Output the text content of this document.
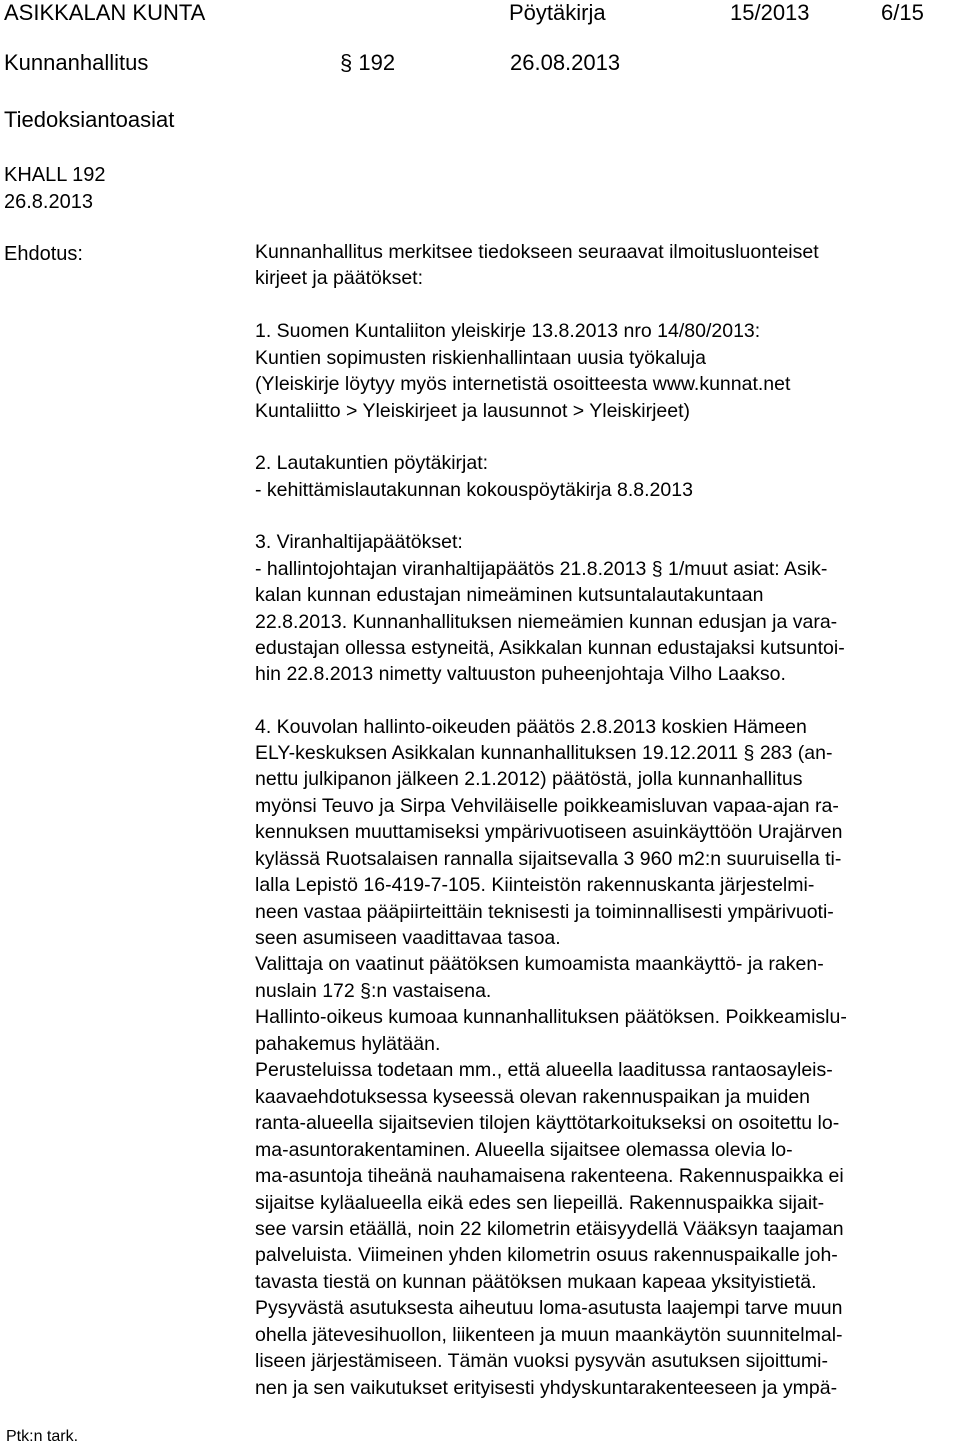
ASIKKALAN KUNTA	Pöytäkirja	15/2013	6/15
Kunnanhallitus	§ 192	26.08.2013
Tiedoksiantoasiat
KHALL 192
26.8.2013
Ehdotus:	Kunnanhallitus merkitsee tiedokseen seuraavat ilmoitusluonteiset
kirjeet ja päätökset:
1. Suomen Kuntaliiton yleiskirje 13.8.2013 nro 14/80/2013:
Kuntien sopimusten riskienhallintaan uusia työkaluja
(Yleiskirje löytyy myös internetistä osoitteesta www.kunnat.net
Kuntaliitto > Yleiskirjeet ja lausunnot > Yleiskirjeet)
2. Lautakuntien pöytäkirjat:
- kehittämislautakunnan kokouspöytäkirja 8.8.2013
3. Viranhaltijapäätökset:
- hallintojohtajan viranhaltijapäätös 21.8.2013 § 1/muut asiat: Asik-
kalan kunnan edustajan nimeäminen kutsuntalautakuntaan
22.8.2013. Kunnanhallituksen niemeämien kunnan edusjan ja vara-
edustajan ollessa estyneitä, Asikkalan kunnan edustajaksi kutsuntoi-
hin 22.8.2013 nimetty valtuuston puheenjohtaja Vilho Laakso.
4. Kouvolan hallinto-oikeuden päätös 2.8.2013 koskien Hämeen
ELY-keskuksen Asikkalan kunnanhallituksen 19.12.2011 § 283 (an-
nettu julkipanon jälkeen 2.1.2012) päätöstä, jolla kunnanhallitus
myönsi Teuvo ja Sirpa Vehviläiselle poikkeamisluvan vapaa-ajan ra-
kennuksen muuttamiseksi ympärivuotiseen asuinkäyttöön Urajärven
kylässä Ruotsalaisen rannalla sijaitsevalla 3 960 m2:n suuruisella ti-
lalla Lepistö 16-419-7-105. Kiinteistön rakennuskanta järjestelmi-
neen vastaa pääpiirteittäin teknisesti ja toiminnallisesti ympärivuoti-
seen asumiseen vaadittavaa tasoa.
Valittaja on vaatinut päätöksen kumoamista maankäyttö- ja raken-
nuslain 172 §:n vastaisena.
Hallinto-oikeus kumoaa kunnanhallituksen päätöksen. Poikkeamislu-
pahakemus hylätään.
Perusteluissa todetaan mm., että alueella laaditussa rantaosayleis-
kaavaehdotuksessa kyseessä olevan rakennuspaikan ja muiden
ranta-alueella sijaitsevien tilojen käyttötarkoitukseksi on osoitettu lo-
ma-asuntorakentaminen. Alueella sijaitsee olemassa olevia lo-
ma-asuntoja tiheänä nauhamaisena rakenteena. Rakennuspaikka ei
sijaitse kyläalueella eikä edes sen liepeillä. Rakennuspaikka sijait-
see varsin etäällä, noin 22 kilometrin etäisyydellä Vääksyn taajaman
palveluista. Viimeinen yhden kilometrin osuus rakennuspaikalle joh-
tavasta tiestä on kunnan päätöksen mukaan kapeaa yksityistietä.
Pysyvästä asutuksesta aiheutuu loma-asutusta laajempi tarve muun
ohella jätevesihuollon, liikenteen ja muun maankäytön suunnitelmal-
liseen järjestämiseen. Tämän vuoksi pysyvän asutuksen sijoittumi-
nen ja sen vaikutukset erityisesti yhdyskuntarakenteeseen ja ympä-
Ptk:n tark.
